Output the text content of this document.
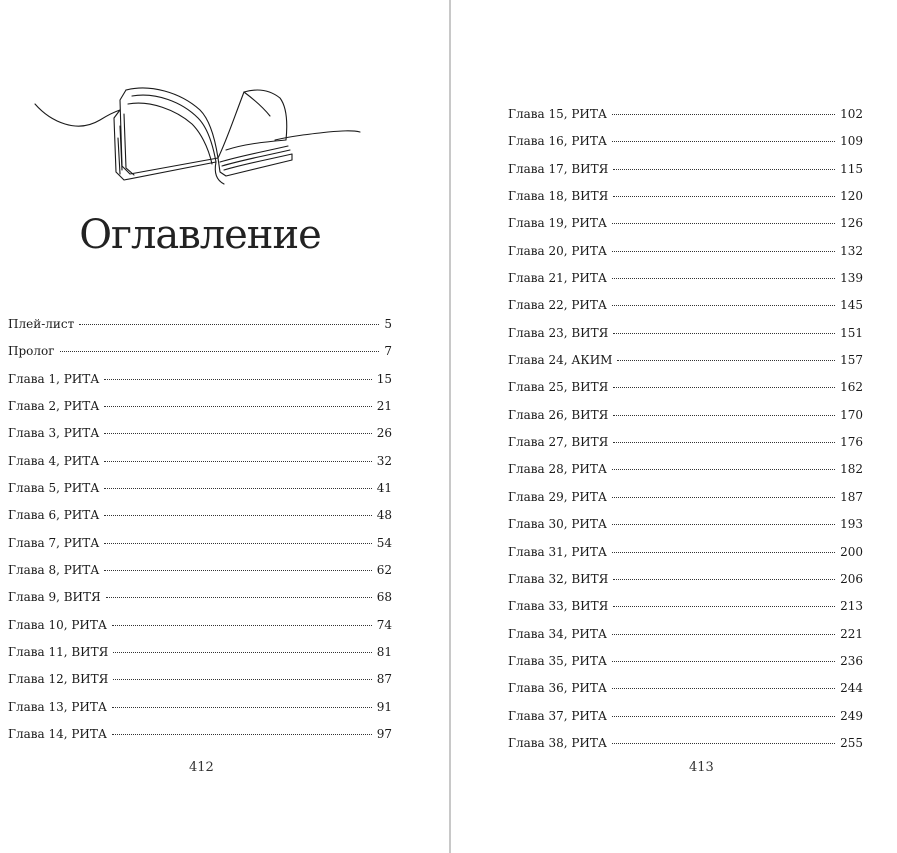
Оглавление
Плей-лист	5
Пролог	7
Глава 1, РИТА	15
Глава 2, РИТА	21
Глава 3, РИТА	26
Глава 4, РИТА	32
Глава 5, РИТА	41
Глава 6, РИТА	48
Глава 7, РИТА	54
Глава 8, РИТА	62
Глава 9, ВИТЯ	68
Глава 10, РИТА	74
Глава 11, ВИТЯ	81
Глава 12, ВИТЯ	87
Глава 13, РИТА	91
Глава 14, РИТА	97
412	413
Глава 15, РИТА	102
Глава 16, РИТА	109
Глава 17, ВИТЯ	115
Глава 18, ВИТЯ	120
Глава 19, РИТА	126
Глава 20, РИТА	132
Глава 21, РИТА	139
Глава 22, РИТА	145
Глава 23, ВИТЯ	151
Глава 24, АКИМ	157
Глава 25, ВИТЯ	162
Глава 26, ВИТЯ	170
Глава 27, ВИТЯ	176
Глава 28, РИТА	182
Глава 29, РИТА	187
Глава 30, РИТА	193
Глава 31, РИТА	200
Глава 32, ВИТЯ	206
Глава 33, ВИТЯ	213
Глава 34, РИТА	221
Глава 35, РИТА	236
Глава 36, РИТА	244
Глава 37, РИТА	249
Глава 38, РИТА	255
